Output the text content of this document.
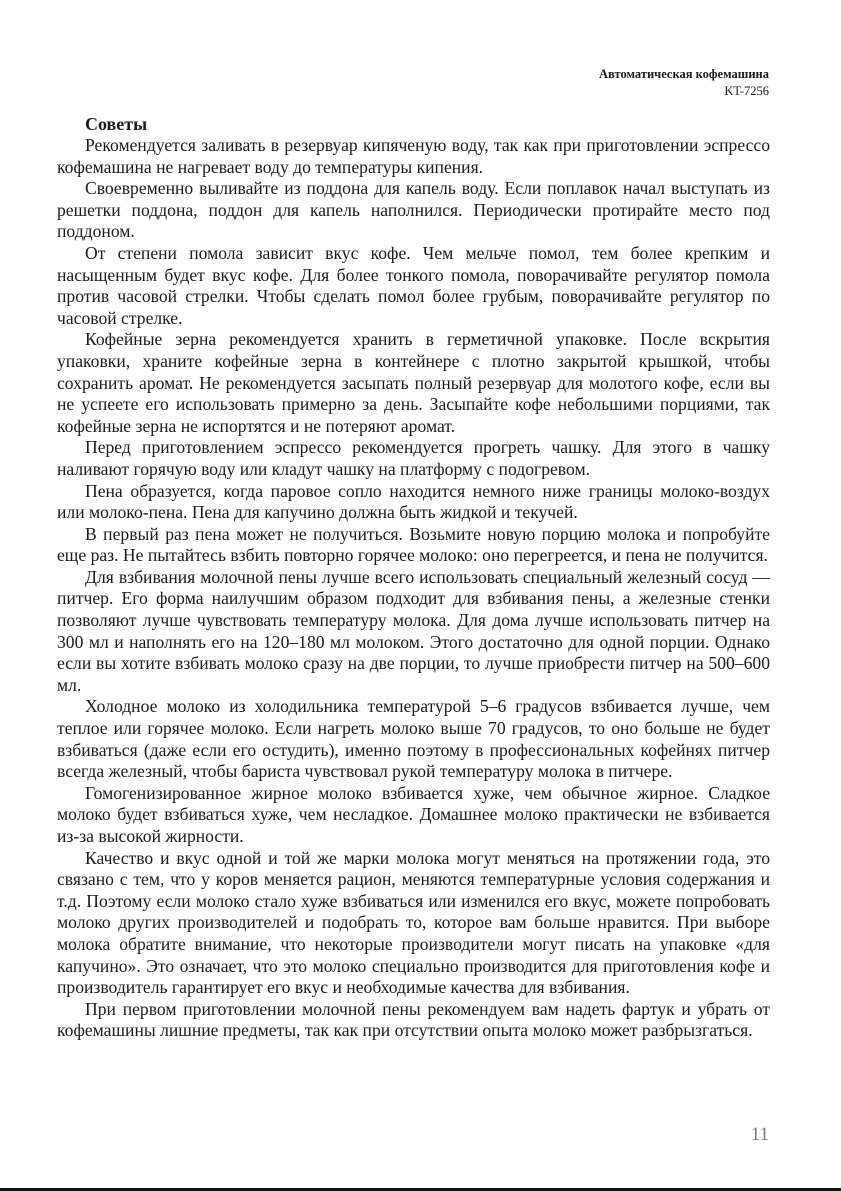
Автоматическая кофемашина
KT-7256
Советы

Рекомендуется заливать в резервуар кипяченую воду, так как при приготовлении эспрессо кофемашина не нагревает воду до температуры кипения.

Своевременно выливайте из поддона для капель воду. Если поплавок начал выступать из решетки поддона, поддон для капель наполнился. Периодически протирайте место под поддоном.

От степени помола зависит вкус кофе. Чем мельче помол, тем более крепким и насыщенным будет вкус кофе. Для более тонкого помола, поворачивайте регулятор помола против часовой стрелки. Чтобы сделать помол более грубым, поворачивайте регулятор по часовой стрелке.

Кофейные зерна рекомендуется хранить в герметичной упаковке. После вскрытия упаковки, храните кофейные зерна в контейнере с плотно закрытой крышкой, чтобы сохранить аромат. Не рекомендуется засыпать полный резервуар для молотого кофе, если вы не успеете его использовать примерно за день. Засыпайте кофе небольшими порциями, так кофейные зерна не испортятся и не потеряют аромат.

Перед приготовлением эспрессо рекомендуется прогреть чашку. Для этого в чашку наливают горячую воду или кладут чашку на платформу с подогревом.

Пена образуется, когда паровое сопло находится немного ниже границы молоко-воздух или молоко-пена. Пена для капучино должна быть жидкой и текучей.

В первый раз пена может не получиться. Возьмите новую порцию молока и попробуйте еще раз. Не пытайтесь взбить повторно горячее молоко: оно перегреется, и пена не получится.

Для взбивания молочной пены лучше всего использовать специальный железный сосуд — питчер. Его форма наилучшим образом подходит для взбивания пены, а железные стенки позволяют лучше чувствовать температуру молока. Для дома лучше использовать питчер на 300 мл и наполнять его на 120–180 мл молоком. Этого достаточно для одной порции. Однако если вы хотите взбивать молоко сразу на две порции, то лучше приобрести питчер на 500–600 мл.

Холодное молоко из холодильника температурой 5–6 градусов взбивается лучше, чем теплое или горячее молоко. Если нагреть молоко выше 70 градусов, то оно больше не будет взбиваться (даже если его остудить), именно поэтому в профессиональных кофейнях питчер всегда железный, чтобы бариста чувствовал рукой температуру молока в питчере.

Гомогенизированное жирное молоко взбивается хуже, чем обычное жирное. Сладкое молоко будет взбиваться хуже, чем несладкое. Домашнее молоко практически не взбивается из-за высокой жирности.

Качество и вкус одной и той же марки молока могут меняться на протяжении года, это связано с тем, что у коров меняется рацион, меняются температурные условия содержания и т.д. Поэтому если молоко стало хуже взбиваться или изменился его вкус, можете попробовать молоко других производителей и подобрать то, которое вам больше нравится. При выборе молока обратите внимание, что некоторые производители могут писать на упаковке «для капучино». Это означает, что это молоко специально производится для приготовления кофе и производитель гарантирует его вкус и необходимые качества для взбивания.

При первом приготовлении молочной пены рекомендуем вам надеть фартук и убрать от кофемашины лишние предметы, так как при отсутствии опыта молоко может разбрызгаться.

11
